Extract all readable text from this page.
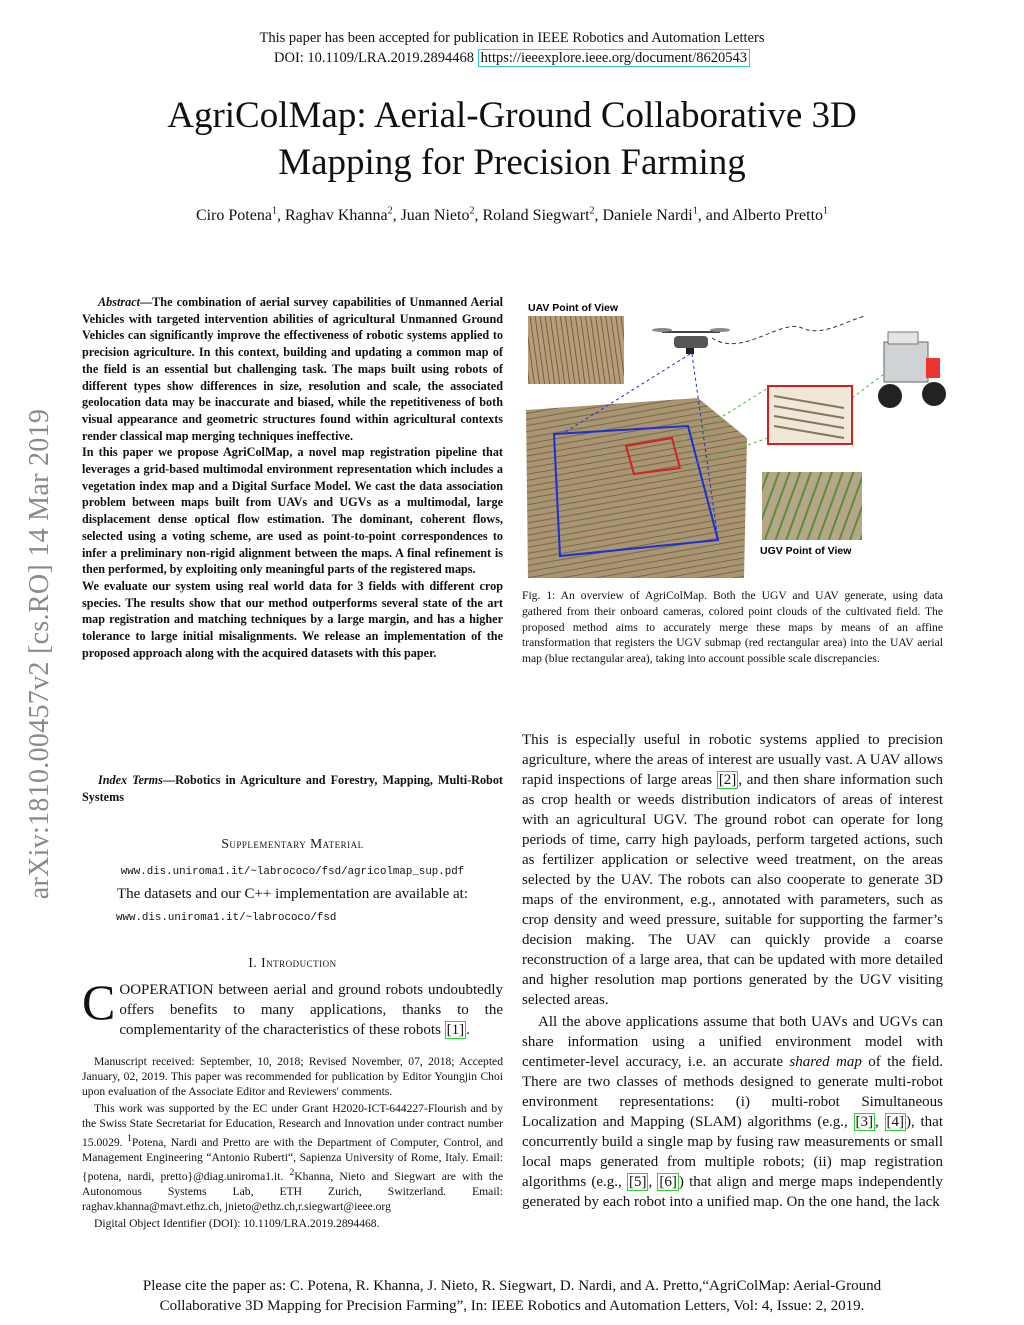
This paper has been accepted for publication in IEEE Robotics and Automation Letters
DOI: 10.1109/LRA.2019.2894468 https://ieeexplore.ieee.org/document/8620543
AgriColMap: Aerial-Ground Collaborative 3D
Mapping for Precision Farming
Ciro Potena$^1$, Raghav Khanna$^2$, Juan Nieto$^2$, Roland Siegwart$^2$, Daniele Nardi$^1$, and Alberto Pretto$^1$
arXiv:1810.00457v2 [cs.RO] 14 Mar 2019

Abstract—The combination of aerial survey capabilities of Unmanned Aerial Vehicles with targeted intervention abilities of agricultural Unmanned Ground Vehicles can significantly improve the effectiveness of robotic systems applied to precision agriculture. In this context, building and updating a common map of the field is an essential but challenging task. The maps built using robots of different types show differences in size, resolution and scale, the associated geolocation data may be inaccurate and biased, while the repetitiveness of both visual appearance and geometric structures found within agricultural contexts render classical map merging techniques ineffective.

In this paper we propose AgriColMap, a novel map registration pipeline that leverages a grid-based multimodal environment representation which includes a vegetation index map and a Digital Surface Model. We cast the data association problem between maps built from UAVs and UGVs as a multimodal, large displacement dense optical flow estimation. The dominant, coherent flows, selected using a voting scheme, are used as point-to-point correspondences to infer a preliminary non-rigid alignment between the maps. A final refinement is then performed, by exploiting only meaningful parts of the registered maps.

We evaluate our system using real world data for 3 fields with different crop species. The results show that our method outperforms several state of the art map registration and matching techniques by a large margin, and has a higher tolerance to large initial misalignments. We release an implementation of the proposed approach along with the acquired datasets with this paper.

Index Terms—Robotics in Agriculture and Forestry, Mapping, Multi-Robot Systems
Supplementary Material
www.dis.uniroma1.it/~labrococo/fsd/agricolmap_sup.pdf
The datasets and our C++ implementation are available at:
www.dis.uniroma1.it/~labrococo/fsd
I. Introduction
COOPERATION between aerial and ground robots undoubtedly offers benefits to many applications, thanks to the complementarity of the characteristics of these robots [1] .

Manuscript received: September, 10, 2018; Revised November, 07, 2018; Accepted January, 02, 2019. This paper was recommended for publication by Editor Youngjin Choi upon evaluation of the Associate Editor and Reviewers' comments.

This work was supported by the EC under Grant H2020-ICT-644227-Flourish and by the Swiss State Secretariat for Education, Research and Innovation under contract number 15.0029. $^1$Potena, Nardi and Pretto are with the Department of Computer, Control, and Management Engineering “Antonio Ruberti“, Sapienza University of Rome, Italy. Email: {potena, nardi, pretto}@diag.uniroma1.it. $^2$Khanna, Nieto and Siegwart are with the Autonomous Systems Lab, ETH Zurich, Switzerland. Email: raghav.khanna@mavt.ethz.ch, jnieto@ethz.ch,r.siegwart@ieee.org

Digital Object Identifier (DOI): 10.1109/LRA.2019.2894468.

UAV Point of View
UGV Point of View
Fig. 1: An overview of AgriColMap. Both the UGV and UAV generate, using data gathered from their onboard cameras, colored point clouds of the cultivated field. The proposed method aims to accurately merge these maps by means of an affine transformation that registers the UGV submap (red rectangular area) into the UAV aerial map (blue rectangular area), taking into account possible scale discrepancies.
This is especially useful in robotic systems applied to precision agriculture, where the areas of interest are usually vast. A UAV allows rapid inspections of large areas [2] , and then share information such as crop health or weeds distribution indicators of areas of interest with an agricultural UGV. The ground robot can operate for long periods of time, carry high payloads, perform targeted actions, such as fertilizer application or selective weed treatment, on the areas selected by the UAV. The robots can also cooperate to generate 3D maps of the environment, e.g., annotated with parameters, such as crop density and weed pressure, suitable for supporting the farmer’s decision making. The UAV can quickly provide a coarse reconstruction of a large area, that can be updated with more detailed and higher resolution map portions generated by the UGV visiting selected areas.
All the above applications assume that both UAVs and UGVs can share information using a unified environment model with centimeter-level accuracy, i.e. an accurate shared map of the field. There are two classes of methods designed to generate multi-robot environment representations: (i) multi-robot Simultaneous Localization and Mapping (SLAM) algorithms (e.g., [3] , [4] ), that concurrently build a single map by fusing raw measurements or small local maps generated from multiple robots; (ii) map registration algorithms (e.g., [5] , [6] ) that align and merge maps independently generated by each robot into a unified map. On the one hand, the lack
Please cite the paper as: C. Potena, R. Khanna, J. Nieto, R. Siegwart, D. Nardi, and A. Pretto,“AgriColMap: Aerial-Ground
Collaborative 3D Mapping for Precision Farming”, In: IEEE Robotics and Automation Letters, Vol: 4, Issue: 2, 2019.
